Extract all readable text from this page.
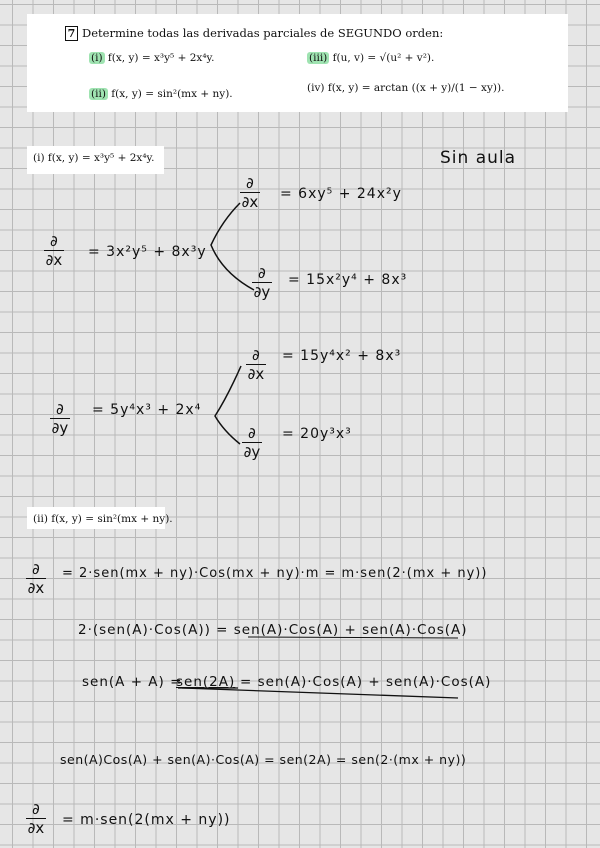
7 Determine todas las derivadas parciales de SEGUNDO orden:
(i) f(x, y) = x³y⁵ + 2x⁴y.
(ii) f(x, y) = sin²(mx + ny).
(iii) f(u, v) = √(u² + v²).
(iv) f(x, y) = arctan ((x + y)/(1 − xy)).
Sin aula
(i) f(x, y) = x³y⁵ + 2x⁴y.
∂
∂x = 3x²y⁵ + 8x³y
∂
∂x = 6xy⁵ + 24x²y
∂
∂y
= 15x²y⁴ + 8x³
∂
∂y
= 5y⁴x³ + 2x⁴
∂
∂x
= 15y⁴x² + 8x³
∂
∂y
= 20y³x³
(ii) f(x, y) = sin²(mx + ny).
∂
∂x
= 2·sen(mx + ny)·Cos(mx + ny)·m = m·sen(2·(mx + ny))
2·(sen(A)·Cos(A)) = sen(A)·Cos(A) + sen(A)·Cos(A)
sen(A + A) =
sen(2A) = sen(A)·Cos(A) + sen(A)·Cos(A)
sen(A)Cos(A) + sen(A)·Cos(A) = sen(2A) = sen(2·(mx + ny))
∂
∂x = m·sen(2(mx + ny))
